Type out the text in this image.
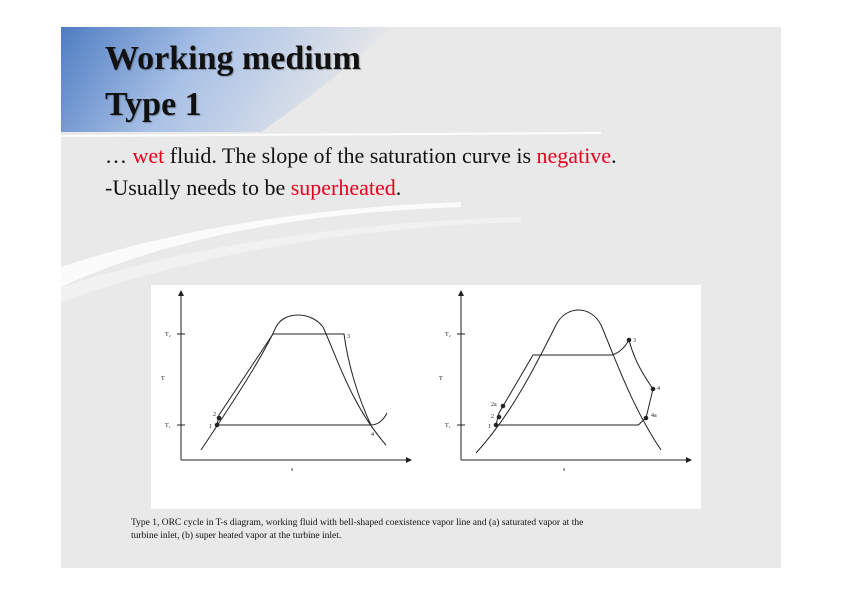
Working medium
Type 1
… wet fluid. The slope of the saturation curve is negative.
-Usually needs to be superheated.
T
s
T₂
T₁	1
2
3
4
T
s
T₂
T₁	1
2
2a
3
4
4a
Type 1, ORC cycle in T-s diagram, working fluid with bell-shaped coexistence vapor line and (a) saturated vapor at the
turbine inlet, (b) super heated vapor at the turbine inlet.
